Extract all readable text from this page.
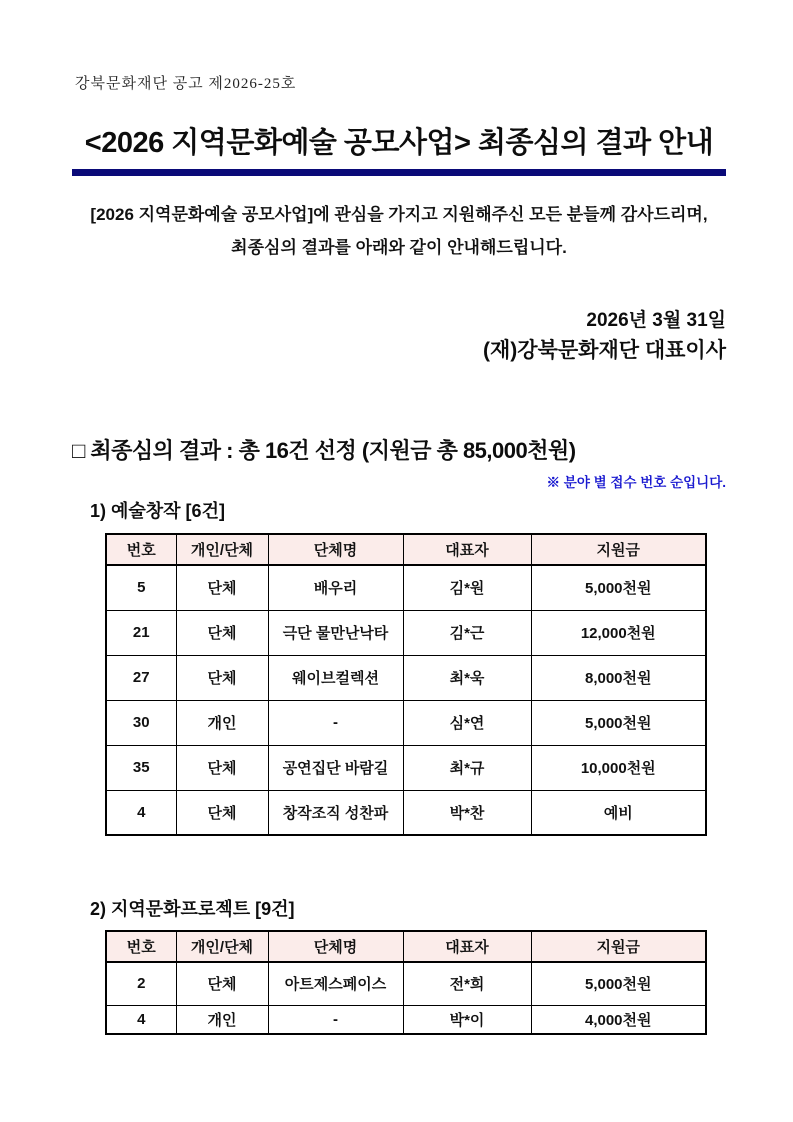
강북문화재단 공고 제2026-25호
<2026 지역문화예술 공모사업> 최종심의 결과 안내
[2026 지역문화예술 공모사업]에 관심을 가지고 지원해주신 모든 분들께 감사드리며,
최종심의 결과를 아래와 같이 안내해드립니다.
2026년 3월 31일
(재)강북문화재단 대표이사
□ 최종심의 결과 : 총 16건 선정 (지원금 총 85,000천원)
※ 분야 별 접수 번호 순입니다.
1) 예술창작 [6건]
번호	개인/단체	단체명	대표자	지원금
5	단체	배우리	김*원	5,000천원
21	단체	극단 물만난낙타	김*근	12,000천원
27	단체	웨이브컬렉션	최*욱	8,000천원
30	개인	-	심*연	5,000천원
35	단체	공연집단 바람길	최*규	10,000천원
4	단체	창작조직 성찬파	박*찬	예비
2) 지역문화프로젝트 [9건]
번호	개인/단체	단체명	대표자	지원금
2	단체	아트제스페이스	전*희	5,000천원
4	개인	-	박*이	4,000천원
